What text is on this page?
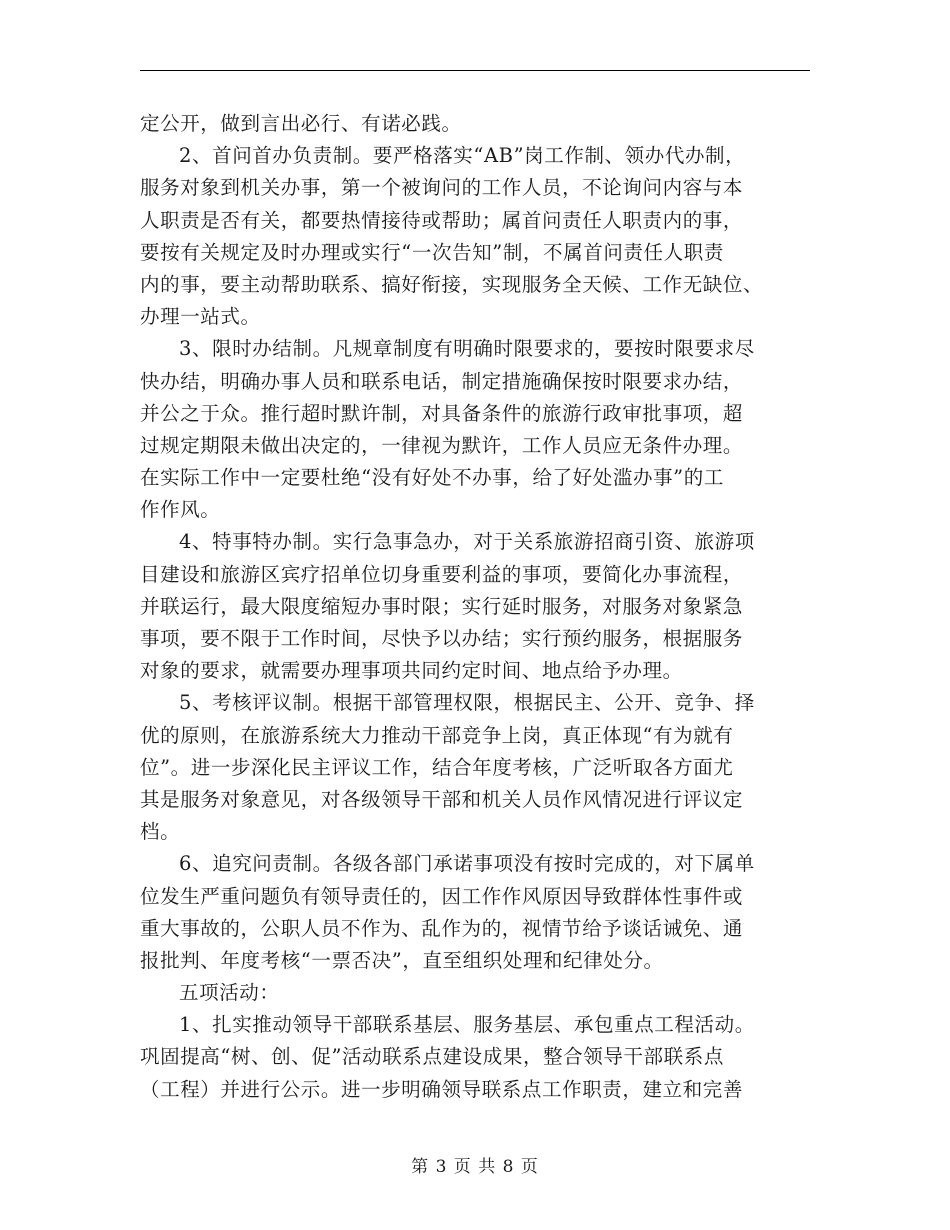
定公开，做到言出必行、有诺必践。
2、首问首办负责制。要严格落实“AB”岗工作制、领办代办制，
服务对象到机关办事，第一个被询问的工作人员，不论询问内容与本
人职责是否有关，都要热情接待或帮助；属首问责任人职责内的事，
要按有关规定及时办理或实行“一次告知”制，不属首问责任人职责
内的事，要主动帮助联系、搞好衔接，实现服务全天候、工作无缺位、
办理一站式。
3、限时办结制。凡规章制度有明确时限要求的，要按时限要求尽
快办结，明确办事人员和联系电话，制定措施确保按时限要求办结，
并公之于众。推行超时默许制，对具备条件的旅游行政审批事项，超
过规定期限未做出决定的，一律视为默许，工作人员应无条件办理。
在实际工作中一定要杜绝“没有好处不办事，给了好处滥办事”的工
作作风。
4、特事特办制。实行急事急办，对于关系旅游招商引资、旅游项
目建设和旅游区宾疗招单位切身重要利益的事项，要简化办事流程，
并联运行，最大限度缩短办事时限；实行延时服务，对服务对象紧急
事项，要不限于工作时间，尽快予以办结；实行预约服务，根据服务
对象的要求，就需要办理事项共同约定时间、地点给予办理。
5、考核评议制。根据干部管理权限，根据民主、公开、竞争、择
优的原则，在旅游系统大力推动干部竞争上岗，真正体现“有为就有
位”。进一步深化民主评议工作，结合年度考核，广泛听取各方面尤
其是服务对象意见，对各级领导干部和机关人员作风情况进行评议定
档。
6、追究问责制。各级各部门承诺事项没有按时完成的，对下属单
位发生严重问题负有领导责任的，因工作作风原因导致群体性事件或
重大事故的，公职人员不作为、乱作为的，视情节给予谈话诫免、通
报批判、年度考核“一票否决”，直至组织处理和纪律处分。
五项活动：
1、扎实推动领导干部联系基层、服务基层、承包重点工程活动。
巩固提高“树、创、促”活动联系点建设成果，整合领导干部联系点
（工程）并进行公示。进一步明确领导联系点工作职责，建立和完善
第 3 页 共 8 页
